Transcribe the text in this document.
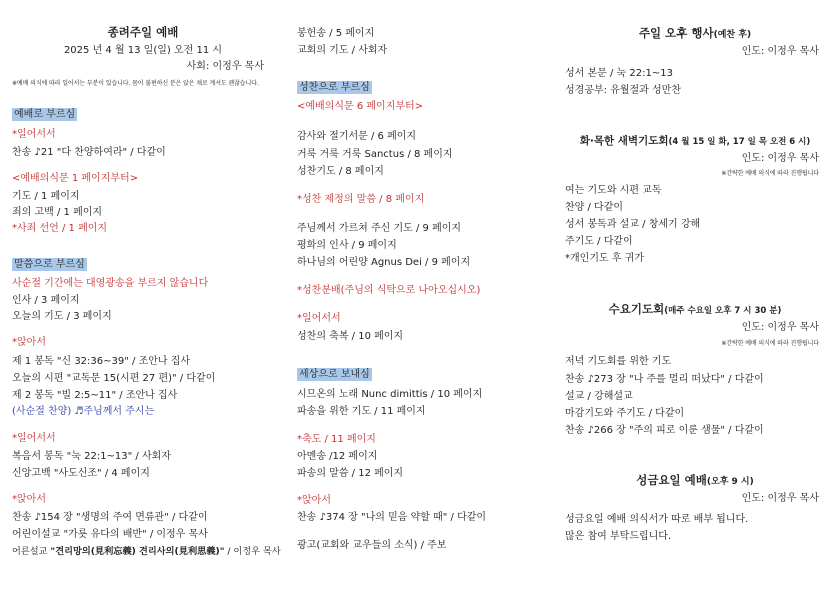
종려주일 예배
2025 년 4 월 13 일(일) 오전 11 시
사회: 이정우 목사
※예배 의식에 따라 일어서는 부분이 있습니다. 몸이 불편하신 분은 앉은 채로 계셔도 괜찮습니다.
예배로 부르심
*일어서서
찬송 ♪21 "다 찬양하여라" / 다같이
<예배의식문 1 페이지부터>
기도 / 1 페이지
죄의 고백 / 1 페이지
*사죄 선언 / 1 페이지
말씀으로 부르심
사순절 기간에는 대영광송을 부르지 않습니다
인사 / 3 페이지
오늘의 기도 / 3 페이지
*앉아서
제 1 봉독 "신 32:36~39" / 조안나 집사
오늘의 시편 "교독문 15(시편 27 편)" / 다같이
제 2 봉독 "빌 2:5~11" / 조안나 집사
(사순절 찬양) ♬주님께서 주시는
*일어서서
복음서 봉독 "눅 22:1~13" / 사회자
신앙고백 "사도신조" / 4 페이지
*앉아서
찬송 ♪154 장 "생명의 주여 면류관" / 다같이
어린이설교 "가룟 유다의 배반" / 이정우 목사
어른설교 "견리망의(見利忘義) 견리사의(見利思義)" / 이정우 목사
봉헌송 / 5 페이지
교회의 기도 / 사회자
성찬으로 부르심
<예배의식문 6 페이지부터>
감사와 절기서문 / 6 페이지
거룩 거룩 거룩 Sanctus / 8 페이지
성찬기도 / 8 페이지
*성찬 제정의 말씀 / 8 페이지
주님께서 가르쳐 주신 기도 / 9 페이지
평화의 인사 / 9 페이지
하나님의 어린양 Agnus Dei / 9 페이지
*성찬분배(주님의 식탁으로 나아오십시오)
*일어서서
성찬의 축복 / 10 페이지
세상으로 보내심
시므온의 노래 Nunc dimittis / 10 페이지
파송을 위한 기도 / 11 페이지
*축도 / 11 페이지
아멘송 /12 페이지
파송의 말씀 / 12 페이지
*앉아서
찬송 ♪374 장 "나의 믿음 약할 때" / 다같이
광고(교회와 교우들의 소식) / 주보
주일 오후 행사(예찬 후)
인도: 이정우 목사
성서 본문 / 눅 22:1~13
성경공부: 유월절과 성만찬
화·목한 새벽기도회(4 월 15 일 화, 17 일 목 오전 6 시)
인도: 이정우 목사
※간략한 예배 의식에 따라 진행됩니다
여는 기도와 시편 교독
찬양 / 다같이
성서 봉독과 설교 / 창세기 강해
주기도 / 다같이
*개인기도 후 귀가
수요기도회(매주 수요일 오후 7 시 30 분)
인도: 이정우 목사
※간략한 예배 의식에 따라 진행됩니다
저녁 기도회를 위한 기도
찬송 ♪273 장 "나 주를 멀리 떠났다" / 다같이
설교 / 강해설교
마감기도와 주기도 / 다같이
찬송 ♪266 장 "주의 피로 이룬 샘물" / 다같이
성금요일 예배(오후 9 시)
인도: 이정우 목사
성금요일 예배 의식서가 따로 배부 됩니다.
많은 참여 부탁드립니다.
